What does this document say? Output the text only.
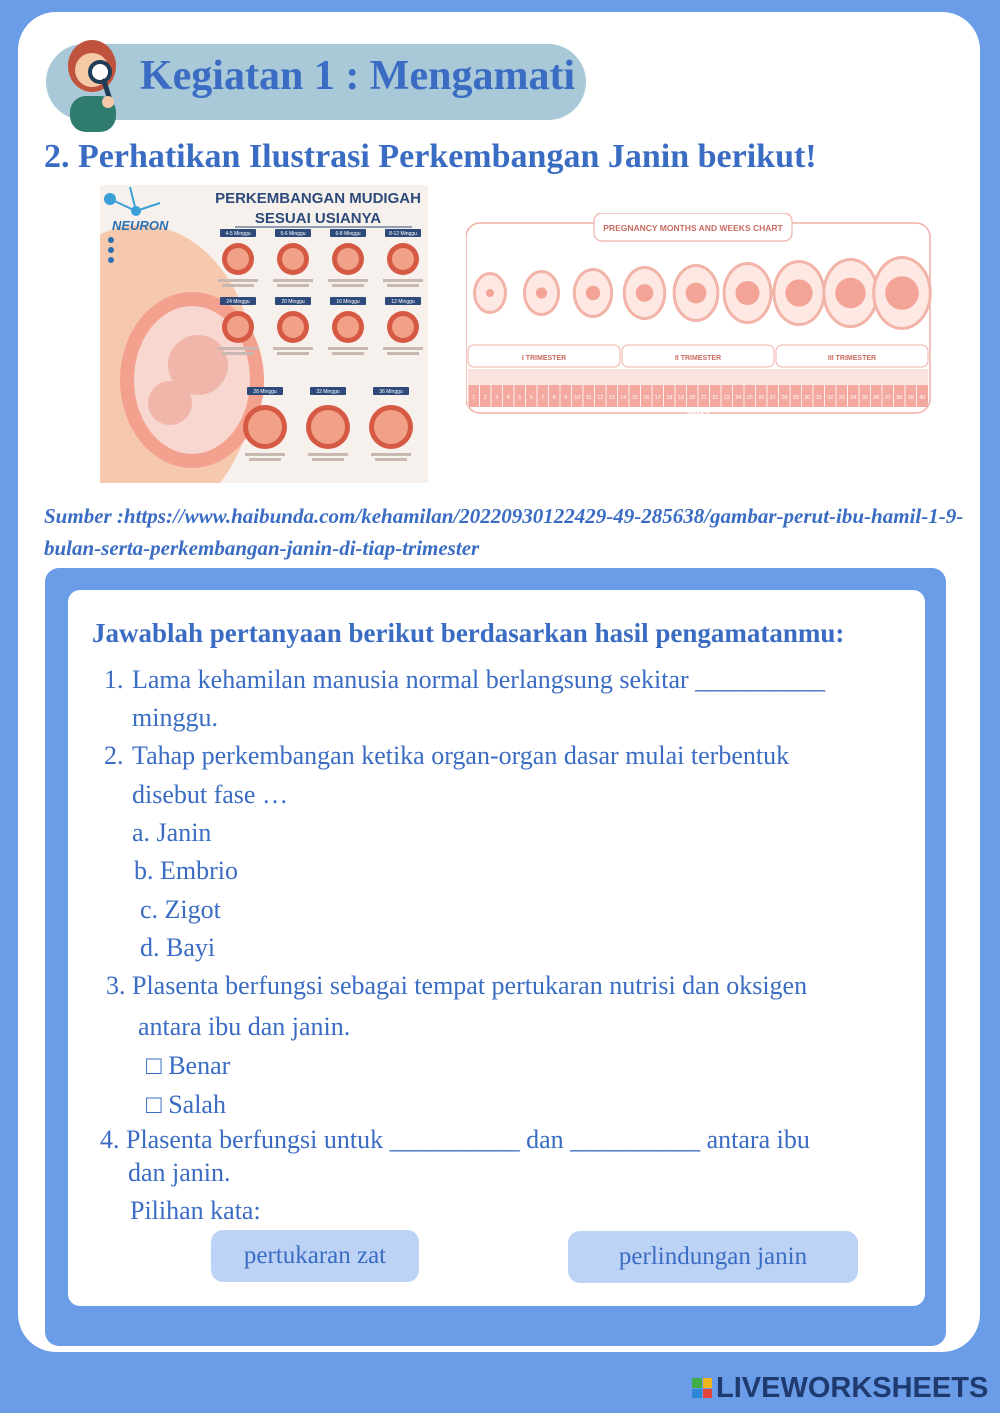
Kegiatan 1 : Mengamati
2. Perhatikan Ilustrasi Perkembangan Janin berikut!
NEURON
PERKEMBANGAN MUDIGAH
SESUAI USIANYA
4-5 Minggu	5-6 Minggu	6-8 Minggu	8-12 Minggu
12 Minggu
16 Minggu
20 Minggu
24 Minggu
28 Minggu	32 Minggu	36 Minggu
PREGNANCY MONTHS AND WEEKS CHART
I TRIMESTER	II TRIMESTER	III TRIMESTER
1 2 3 4 5 6 7 8 9 10 11 12 13 14 15 16 17 18 19 20 21 22 23 24 25 26 27 28 29 30 31 32 33 34 35 36 37 38 39 40
WEEKS
Sumber :https://www.haibunda.com/kehamilan/20220930122429-49-285638/gambar-perut-ibu-hamil-1-9-bulan-serta-perkembangan-janin-di-tiap-trimester
Jawablah pertanyaan berikut berdasarkan hasil pengamatanmu:
1. Lama kehamilan manusia normal berlangsung sekitar __________
minggu.
2. Tahap perkembangan ketika organ-organ dasar mulai terbentuk
disebut fase …
a. Janin
b. Embrio
c. Zigot
d. Bayi
3. Plasenta berfungsi sebagai tempat pertukaran nutrisi dan oksigen
antara ibu dan janin.
□ Benar
□ Salah
4. Plasenta berfungsi untuk __________ dan __________ antara ibu
dan janin.
Pilihan kata:
pertukaran zat	perlindungan janin
LIVEWORKSHEETS
